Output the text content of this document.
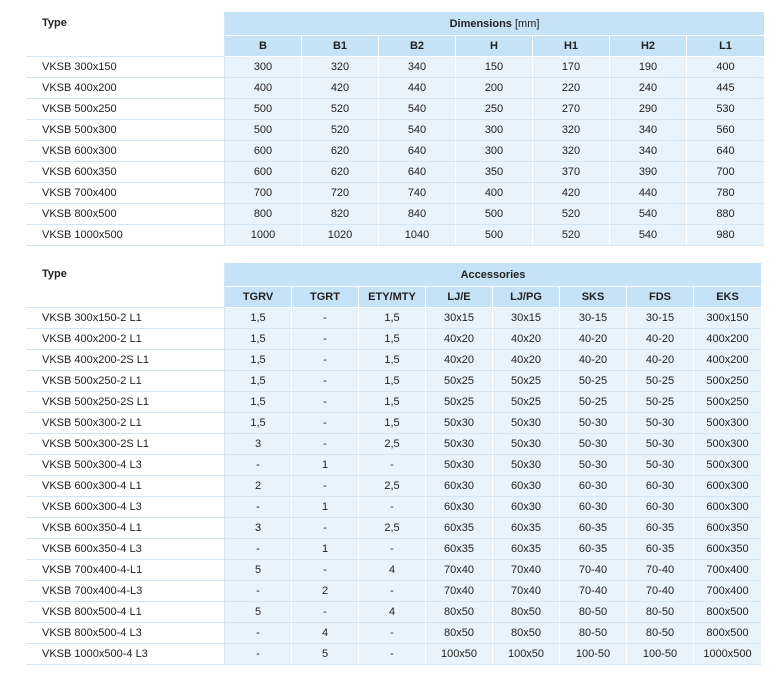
Type	Dimensions [mm]						
	B	B1	B2	H	H1	H2	L1
VKSB 300x150	300	320	340	150	170	190	400
VKSB 400x200	400	420	440	200	220	240	445
VKSB 500x250	500	520	540	250	270	290	530
VKSB 500x300	500	520	540	300	320	340	560
VKSB 600x300	600	620	640	300	320	340	640
VKSB 600x350	600	620	640	350	370	390	700
VKSB 700x400	700	720	740	400	420	440	780
VKSB 800x500	800	820	840	500	520	540	880
VKSB 1000x500	1000	1020	1040	500	520	540	980
Type	Accessories							
	TGRV	TGRT	ETY/MTY	LJ/E	LJ/PG	SKS	FDS	EKS
VKSB 300x150-2 L1	1,5	-	1,5	30x15	30x15	30-15	30-15	300x150
VKSB 400x200-2 L1	1,5	-	1,5	40x20	40x20	40-20	40-20	400x200
VKSB 400x200-2S L1	1,5	-	1,5	40x20	40x20	40-20	40-20	400x200
VKSB 500x250-2 L1	1,5	-	1,5	50x25	50x25	50-25	50-25	500x250
VKSB 500x250-2S L1	1,5	-	1,5	50x25	50x25	50-25	50-25	500x250
VKSB 500x300-2 L1	1,5	-	1,5	50x30	50x30	50-30	50-30	500x300
VKSB 500x300-2S L1	3	-	2,5	50x30	50x30	50-30	50-30	500x300
VKSB 500x300-4 L3	-	1	-	50x30	50x30	50-30	50-30	500x300
VKSB 600x300-4 L1	2	-	2,5	60x30	60x30	60-30	60-30	600x300
VKSB 600x300-4 L3	-	1	-	60x30	60x30	60-30	60-30	600x300
VKSB 600x350-4 L1	3	-	2,5	60x35	60x35	60-35	60-35	600x350
VKSB 600x350-4 L3	-	1	-	60x35	60x35	60-35	60-35	600x350
VKSB 700x400-4-L1	5	-	4	70x40	70x40	70-40	70-40	700x400
VKSB 700x400-4-L3	-	2	-	70x40	70x40	70-40	70-40	700x400
VKSB 800x500-4 L1	5	-	4	80x50	80x50	80-50	80-50	800x500
VKSB 800x500-4 L3	-	4	-	80x50	80x50	80-50	80-50	800x500
VKSB 1000x500-4 L3	-	5	-	100x50	100x50	100-50	100-50	1000x500
